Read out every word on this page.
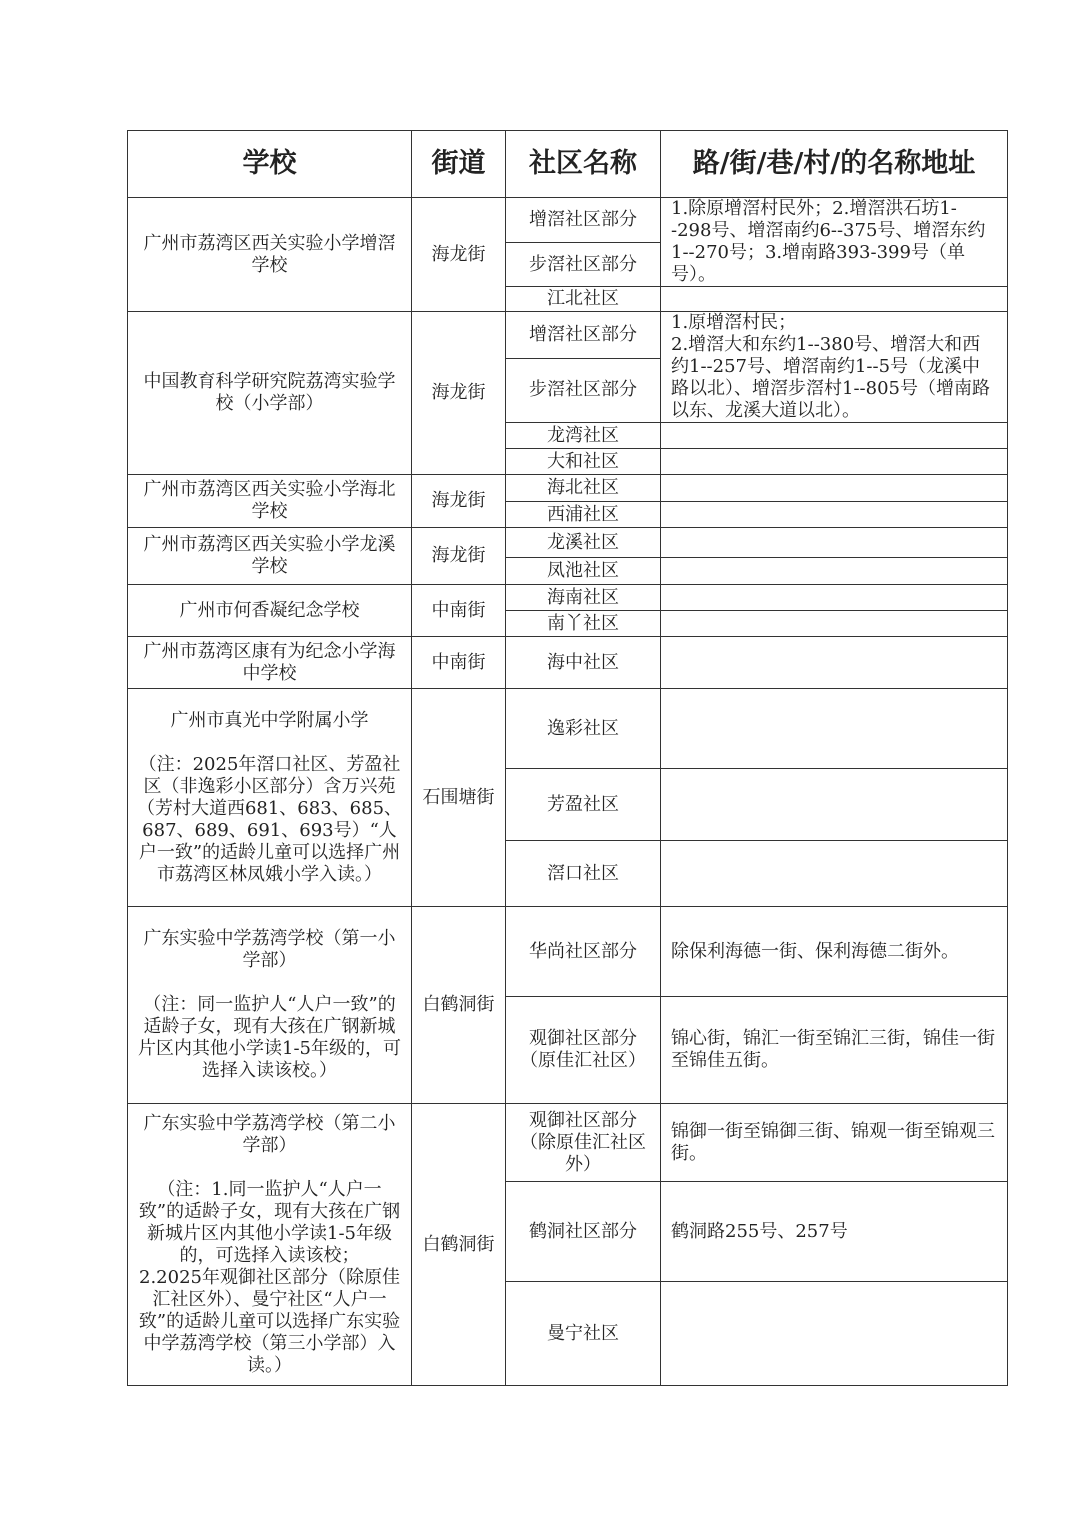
学校	街道	社区名称	路/街/巷/村/的名称地址
广州市荔湾区西关实验小学增滘学校	海龙街	增滘社区部分	1.除原增滘村民外；2.增滘洪石坊1--298号、增滘南约6--375号、增滘东约1--270号；3.增南路393-399号（单号）。
		步滘社区部分	
		江北社区	
中国教育科学研究院荔湾实验学校（小学部）	海龙街	增滘社区部分	1.原增滘村民；
2.增滘大和东约1--380号、增滘大和西约1--257号、增滘南约1--5号（龙溪中路以北）、增滘步滘村1--805号（增南路以东、龙溪大道以北）。
		步滘社区部分	
		龙湾社区	
		大和社区	
广州市荔湾区西关实验小学海北学校	海龙街	海北社区	
		西浦社区	
广州市荔湾区西关实验小学龙溪学校	海龙街	龙溪社区	
		凤池社区	
广州市何香凝纪念学校	中南街	海南社区	
		南丫社区	
广州市荔湾区康有为纪念小学海中学校	中南街	海中社区	

广州市真光中学附属小学
（注：2025年滘口社区、芳盈社区（非逸彩小区部分）含万兴苑（芳村大道西681、683、685、687、689、691、693号）“人户一致”的适龄儿童可以选择广州市荔湾区林凤娥小学入读。）	石围塘街	逸彩社区	
		芳盈社区	
		滘口社区	

广东实验中学荔湾学校（第一小学部）
（注：同一监护人“人户一致”的适龄子女，现有大孩在广钢新城片区内其他小学读1-5年级的，可选择入读该校。）	白鹤洞街	华尚社区部分	除保利海德一街、保利海德二街外。
		观御社区部分（原佳汇社区）	锦心街，锦汇一街至锦汇三街，锦佳一街至锦佳五街。

广东实验中学荔湾学校（第二小学部）
（注：1.同一监护人“人户一致”的适龄子女，现有大孩在广钢新城片区内其他小学读1-5年级的，可选择入读该校；
2.2025年观御社区部分（除原佳汇社区外）、曼宁社区“人户一致”的适龄儿童可以选择广东实验中学荔湾学校（第三小学部）入读。）	白鹤洞街	观御社区部分（除原佳汇社区外）	锦御一街至锦御三街、锦观一街至锦观三街。
		鹤洞社区部分	鹤洞路255号、257号
		曼宁社区	
